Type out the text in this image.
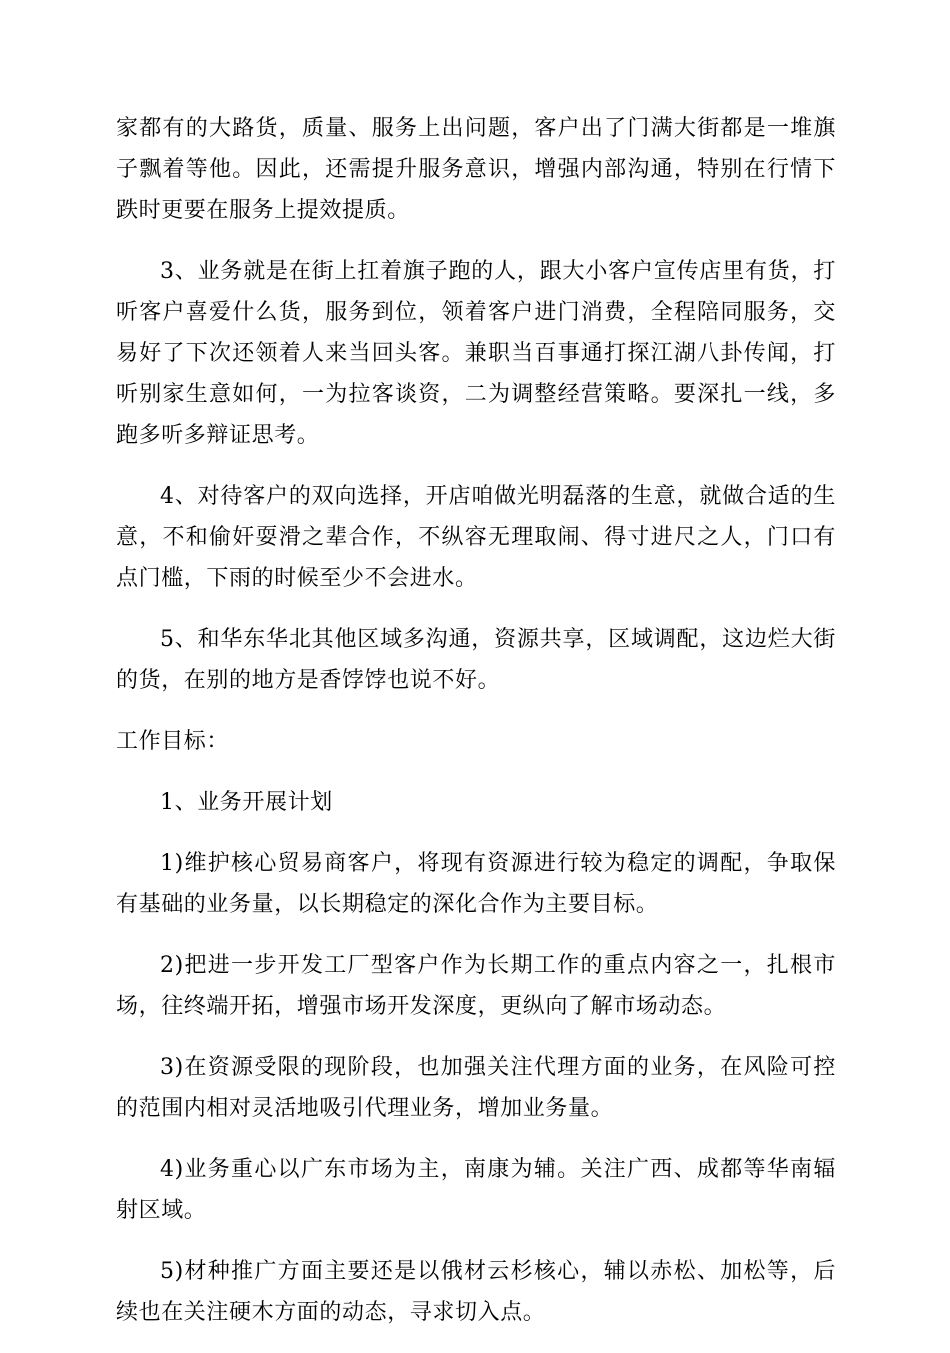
家都有的大路货，质量、服务上出问题，客户出了门满大街都是一堆旗子飘着等他。因此，还需提升服务意识，增强内部沟通，特别在行情下跌时更要在服务上提效提质。

3、业务就是在街上扛着旗子跑的人，跟大小客户宣传店里有货，打听客户喜爱什么货，服务到位，领着客户进门消费，全程陪同服务，交易好了下次还领着人来当回头客。兼职当百事通打探江湖八卦传闻，打听别家生意如何，一为拉客谈资，二为调整经营策略。要深扎一线，多跑多听多辩证思考。

4、对待客户的双向选择，开店咱做光明磊落的生意，就做合适的生意，不和偷奸耍滑之辈合作，不纵容无理取闹、得寸进尺之人，门口有点门槛，下雨的时候至少不会进水。

5、和华东华北其他区域多沟通，资源共享，区域调配，这边烂大街的货，在别的地方是香饽饽也说不好。

工作目标：

1、业务开展计划

1)维护核心贸易商客户，将现有资源进行较为稳定的调配，争取保有基础的业务量，以长期稳定的深化合作为主要目标。

2)把进一步开发工厂型客户作为长期工作的重点内容之一，扎根市场，往终端开拓，增强市场开发深度，更纵向了解市场动态。

3)在资源受限的现阶段，也加强关注代理方面的业务，在风险可控的范围内相对灵活地吸引代理业务，增加业务量。

4)业务重心以广东市场为主，南康为辅。关注广西、成都等华南辐射区域。

5)材种推广方面主要还是以俄材云杉核心，辅以赤松、加松等，后续也在关注硬木方面的动态，寻求切入点。
